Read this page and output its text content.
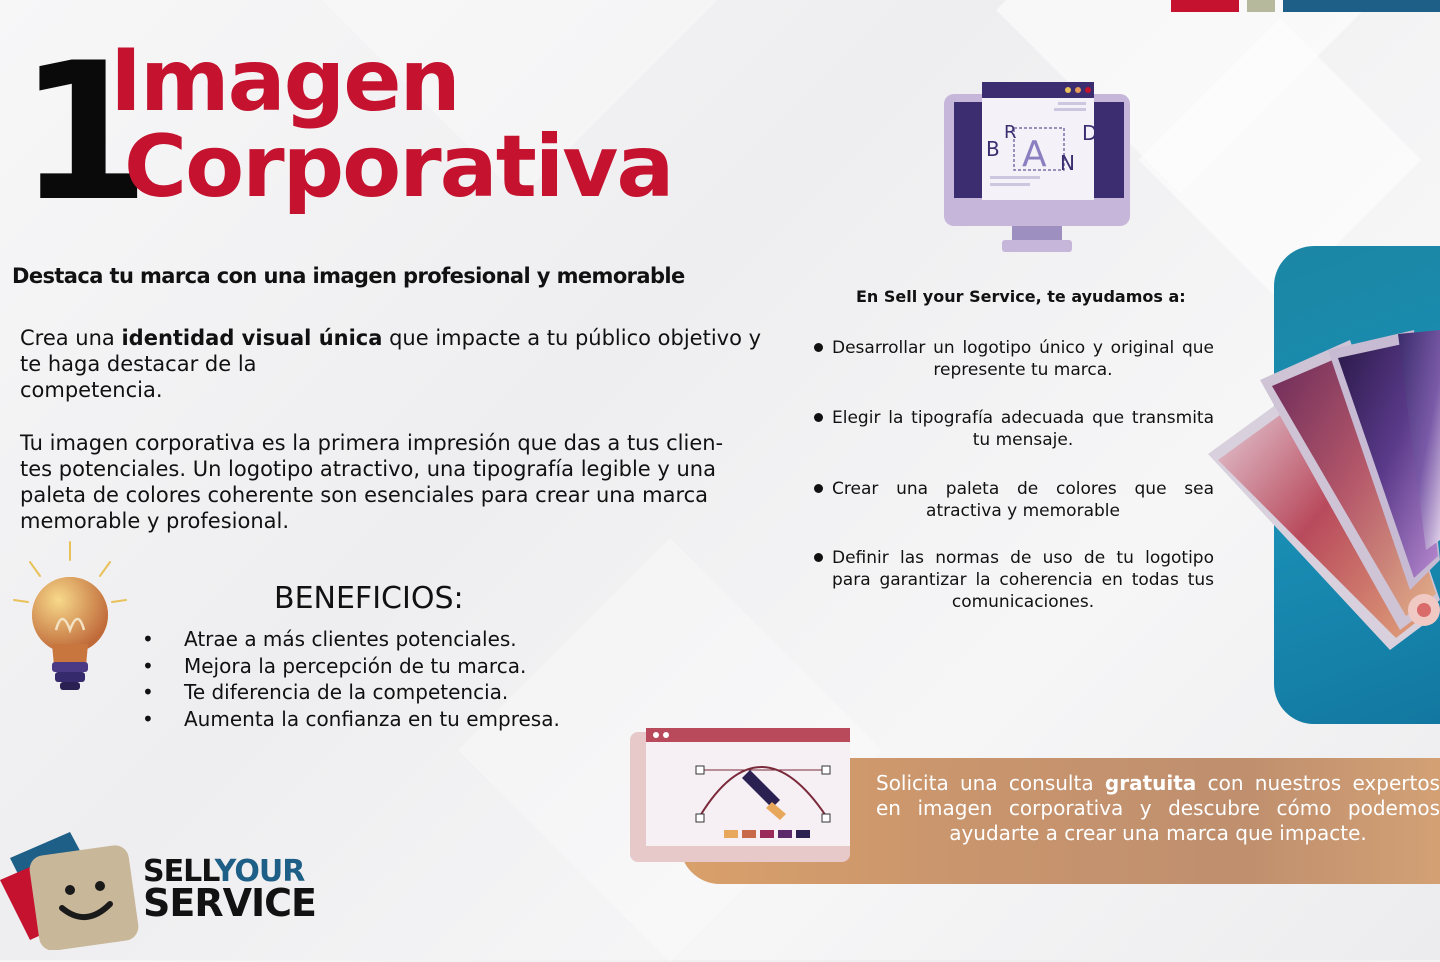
1
Imagen
Corporativa
Destaca tu marca con una imagen profesional y memorable
Crea una identidad visual única que impacte a tu público objetivo y
te haga destacar de la
competencia.
Tu imagen corporativa es la primera impresión que das a tus clien-
tes potenciales. Un logotipo atractivo, una tipografía legible y una
paleta de colores coherente son esenciales para crear una marca
memorable y profesional.
BENEFICIOS:
• Atrae a más clientes potenciales.
• Mejora la percepción de tu marca.
• Te diferencia de la competencia.
• Aumenta la confianza en tu empresa.
B
R
A N
D
En Sell your Service, te ayudamos a:
Desarrollar un logotipo único y original que represente tu marca.
Elegir la tipografía adecuada que transmita tu mensaje.
Crear una paleta de colores que sea atractiva y memorable
Definir las normas de uso de tu logotipo para garantizar la coherencia en todas tus comunicaciones.
Solicita una consulta gratuita con nuestros expertos en imagen corporativa y descubre cómo podemos ayudarte a crear una marca que impacte.
SELLYOUR
SERVICE
